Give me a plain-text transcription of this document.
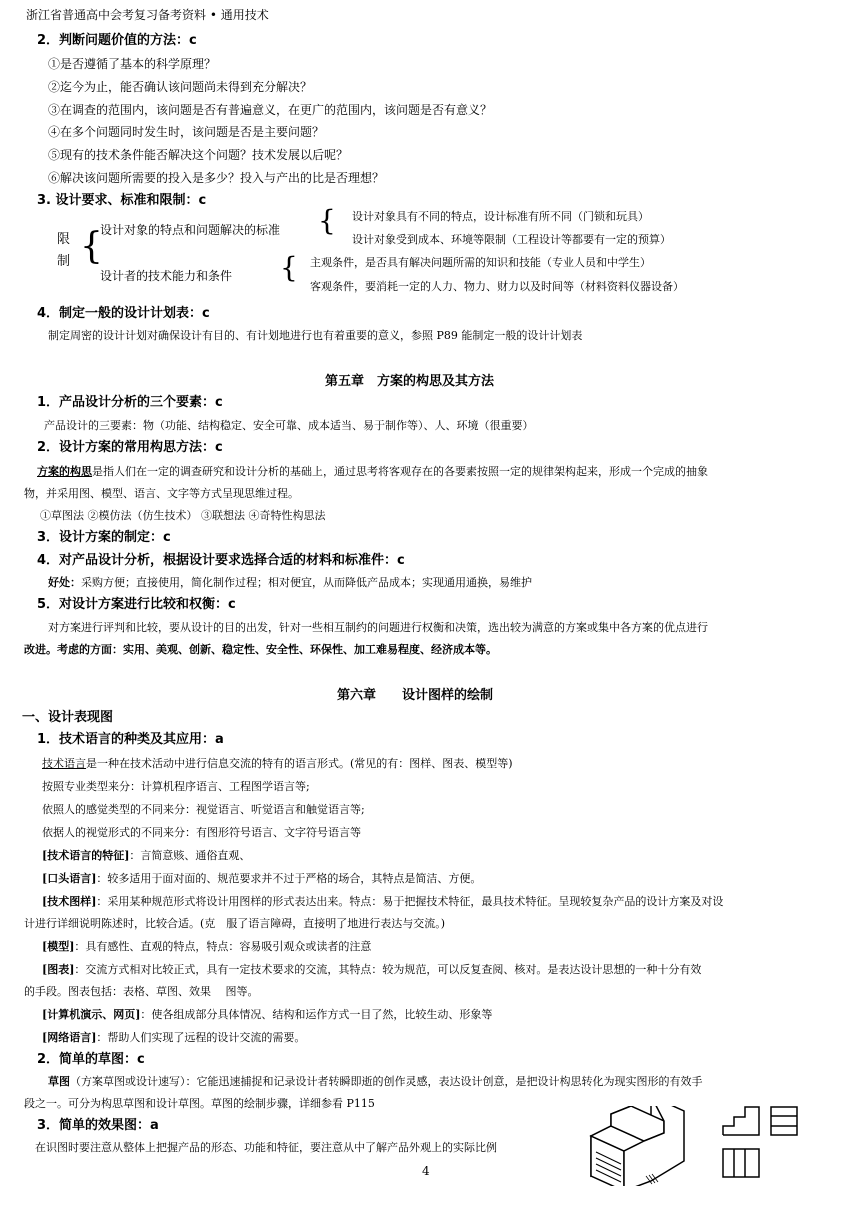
浙江省普通高中会考复习备考资料 • 通用技术
2．判断问题价值的方法：c
①是否遵循了基本的科学原理？
②迄今为止，能否确认该问题尚未得到充分解决？
③在调查的范围内，该问题是否有普遍意义，在更广的范围内，该问题是否有意义？
④在多个问题同时发生时，该问题是否是主要问题？
⑤现有的技术条件能否解决这个问题？技术发展以后呢？
⑥解决该问题所需要的投入是多少？投入与产出的比是否理想？
3. 设计要求、标准和限制：c
限
制 {
设计对象的特点和问题解决的标准 { 设计对象具有不同的特点，设计标准有所不同（门锁和玩具）
设计对象受到成本、环境等限制（工程设计等都要有一定的预算）
设计者的技术能力和条件 { 主观条件，是否具有解决问题所需的知识和技能（专业人员和中学生）
客观条件，要消耗一定的人力、物力、财力以及时间等（材料资料仪器设备）
4．制定一般的设计计划表：c
制定周密的设计计划对确保设计有目的、有计划地进行也有着重要的意义，参照 P89 能制定一般的设计计划表
第五章　方案的构思及其方法
1．产品设计分析的三个要素：c
产品设计的三要素：物（功能、结构稳定、安全可靠、成本适当、易于制作等）、人、环境（很重要）
2．设计方案的常用构思方法：c
方案的构思是指人们在一定的调查研究和设计分析的基础上，通过思考将客观存在的各要素按照一定的规律架构起来，形成一个完成的抽象
物，并采用图、模型、语言、文字等方式呈现思维过程。
①草图法 ②模仿法（仿生技术） ③联想法 ④奇特性构思法
3．设计方案的制定：c
4．对产品设计分析，根据设计要求选择合适的材料和标准件：c
好处：采购方便；直接使用，简化制作过程；相对便宜，从而降低产品成本；实现通用通换，易维护
5．对设计方案进行比较和权衡：c
对方案进行评判和比较，要从设计的目的出发，针对一些相互制约的问题进行权衡和决策，选出较为满意的方案或集中各方案的优点进行
改进。考虑的方面：实用、美观、创新、稳定性、安全性、环保性、加工难易程度、经济成本等。
第六章　　设计图样的绘制
一、设计表现图
1．技术语言的种类及其应用：a
技术语言是一种在技术活动中进行信息交流的特有的语言形式。(常见的有：图样、图表、模型等)
按照专业类型来分：计算机程序语言、工程图学语言等;
依照人的感觉类型的不同来分：视觉语言、听觉语言和触觉语言等;
依据人的视觉形式的不同来分：有图形符号语言、文字符号语言等
[技术语言的特征]：言简意赅、通俗直观、
[口头语言]：较多适用于面对面的、规范要求并不过于严格的场合，其特点是简洁、方便。
[技术图样]：采用某种规范形式将设计用图样的形式表达出来。特点：易于把握技术特征，最具技术特征。呈现较复杂产品的设计方案及对设
计进行详细说明陈述时，比较合适。(克　服了语言障碍，直接明了地进行表达与交流。)
[模型]：具有感性、直观的特点，特点：容易吸引观众或读者的注意
[图表]：交流方式相对比较正式，具有一定技术要求的交流，其特点：较为规范，可以反复查阅、核对。是表达设计思想的一种十分有效
的手段。图表包括：表格、草图、效果　 图等。
[计算机演示、网页]：使各组成部分具体情况、结构和运作方式一目了然，比较生动、形象等
[网络语言]：帮助人们实现了远程的设计交流的需要。
2．简单的草图：c
草图（方案草图或设计速写）：它能迅速捕捉和记录设计者转瞬即逝的创作灵感，表达设计创意，是把设计构思转化为现实图形的有效手
段之一。可分为构思草图和设计草图。草图的绘制步骤，详细参看 P115
3．简单的效果图：a
在识图时要注意从整体上把握产品的形态、功能和特征，要注意从中了解产品外观上的实际比例
4
